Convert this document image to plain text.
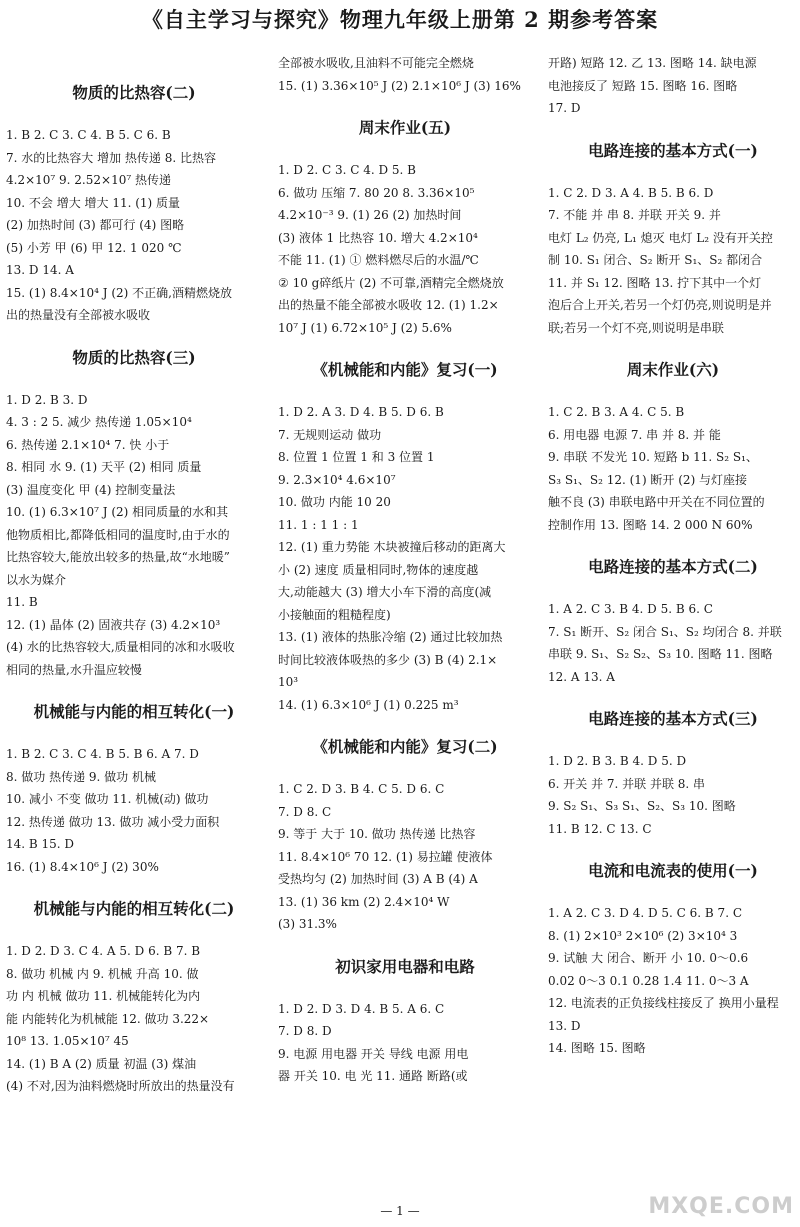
《自主学习与探究》物理九年级上册第 2 期参考答案
物质的比热容(二)
1. B 2. C 3. C 4. B 5. C 6. B
7. 水的比热容大 增加 热传递 8. 比热容
4.2×10⁷ 9. 2.52×10⁷ 热传递
10. 不会 增大 增大 11. (1) 质量
(2) 加热时间 (3) 都可行 (4) 图略
(5) 小芳 甲 (6) 甲 12. 1 020 ℃
13. D 14. A
15. (1) 8.4×10⁴ J (2) 不正确,酒精燃烧放
出的热量没有全部被水吸收
物质的比热容(三)
1. D 2. B 3. D
4. 3 : 2 5. 减少 热传递 1.05×10⁴
6. 热传递 2.1×10⁴ 7. 快 小于
8. 相同 水 9. (1) 天平 (2) 相同 质量
(3) 温度变化 甲 (4) 控制变量法
10. (1) 6.3×10⁷ J (2) 相同质量的水和其
他物质相比,都降低相同的温度时,由于水的
比热容较大,能放出较多的热量,故“水地暖”
以水为媒介
11. B
12. (1) 晶体 (2) 固液共存 (3) 4.2×10³
(4) 水的比热容较大,质量相同的冰和水吸收
相同的热量,水升温应较慢
机械能与内能的相互转化(一)
1. B 2. C 3. C 4. B 5. B 6. A 7. D
8. 做功 热传递 9. 做功 机械
10. 减小 不变 做功 11. 机械(动) 做功
12. 热传递 做功 13. 做功 减小受力面积
14. B 15. D
16. (1) 8.4×10⁶ J (2) 30%
机械能与内能的相互转化(二)
1. D 2. D 3. C 4. A 5. D 6. B 7. B
8. 做功 机械 内 9. 机械 升高 10. 做
功 内 机械 做功 11. 机械能转化为内
能 内能转化为机械能 12. 做功 3.22×
10⁸ 13. 1.05×10⁷ 45
14. (1) B A (2) 质量 初温 (3) 煤油
(4) 不对,因为油料燃烧时所放出的热量没有
全部被水吸收,且油料不可能完全燃烧
15. (1) 3.36×10⁵ J (2) 2.1×10⁶ J (3) 16%
周末作业(五)
1. D 2. C 3. C 4. D 5. B
6. 做功 压缩 7. 80 20 8. 3.36×10⁵
4.2×10⁻³ 9. (1) 26 (2) 加热时间
(3) 液体 1 比热容 10. 增大 4.2×10⁴
不能 11. (1) ① 燃料燃尽后的水温/℃
② 10 g碎纸片 (2) 不可靠,酒精完全燃烧放
出的热量不能全部被水吸收 12. (1) 1.2×
10⁷ J (1) 6.72×10⁵ J (2) 5.6%
《机械能和内能》复习(一)
1. D 2. A 3. D 4. B 5. D 6. B
7. 无规则运动 做功
8. 位置 1 位置 1 和 3 位置 1
9. 2.3×10⁴ 4.6×10⁷
10. 做功 内能 10 20
11. 1 : 1 1 : 1
12. (1) 重力势能 木块被撞后移动的距离大
小 (2) 速度 质量相同时,物体的速度越
大,动能越大 (3) 增大小车下滑的高度(减
小接触面的粗糙程度)
13. (1) 液体的热胀冷缩 (2) 通过比较加热
时间比较液体吸热的多少 (3) B (4) 2.1×
10³
14. (1) 6.3×10⁶ J (1) 0.225 m³
《机械能和内能》复习(二)
1. C 2. D 3. B 4. C 5. D 6. C
7. D 8. C
9. 等于 大于 10. 做功 热传递 比热容
11. 8.4×10⁶ 70 12. (1) 易拉罐 使液体
受热均匀 (2) 加热时间 (3) A B (4) A
13. (1) 36 km (2) 2.4×10⁴ W
(3) 31.3%
初识家用电器和电路
1. D 2. D 3. D 4. B 5. A 6. C
7. D 8. D
9. 电源 用电器 开关 导线 电源 用电
器 开关 10. 电 光 11. 通路 断路(或
开路) 短路 12. 乙 13. 图略 14. 缺电源
电池接反了 短路 15. 图略 16. 图略
17. D
电路连接的基本方式(一)
1. C 2. D 3. A 4. B 5. B 6. D
7. 不能 并 串 8. 并联 开关 9. 并
电灯 L₂ 仍亮, L₁ 熄灭 电灯 L₂ 没有开关控
制 10. S₁ 闭合、S₂ 断开 S₁、S₂ 都闭合
11. 并 S₁ 12. 图略 13. 拧下其中一个灯
泡后合上开关,若另一个灯仍亮,则说明是并
联;若另一个灯不亮,则说明是串联
周末作业(六)
1. C 2. B 3. A 4. C 5. B
6. 用电器 电源 7. 串 并 8. 并 能
9. 串联 不发光 10. 短路 b 11. S₂ S₁、
S₃ S₁、S₂ 12. (1) 断开 (2) 与灯座接
触不良 (3) 串联电路中开关在不同位置的
控制作用 13. 图略 14. 2 000 N 60%
电路连接的基本方式(二)
1. A 2. C 3. B 4. D 5. B 6. C
7. S₁ 断开、S₂ 闭合 S₁、S₂ 均闭合 8. 并联
串联 9. S₁、S₂ S₂、S₃ 10. 图略 11. 图略
12. A 13. A
电路连接的基本方式(三)
1. D 2. B 3. B 4. D 5. D
6. 开关 并 7. 并联 并联 8. 串
9. S₂ S₁、S₃ S₁、S₂、S₃ 10. 图略
11. B 12. C 13. C
电流和电流表的使用(一)
1. A 2. C 3. D 4. D 5. C 6. B 7. C
8. (1) 2×10³ 2×10⁶ (2) 3×10⁴ 3
9. 试触 大 闭合、断开 小 10. 0～0.6
0.02 0～3 0.1 0.28 1.4 11. 0～3 A
12. 电流表的正负接线柱接反了 换用小量程
13. D
14. 图略 15. 图略
— 1 —	MXQE.COM
